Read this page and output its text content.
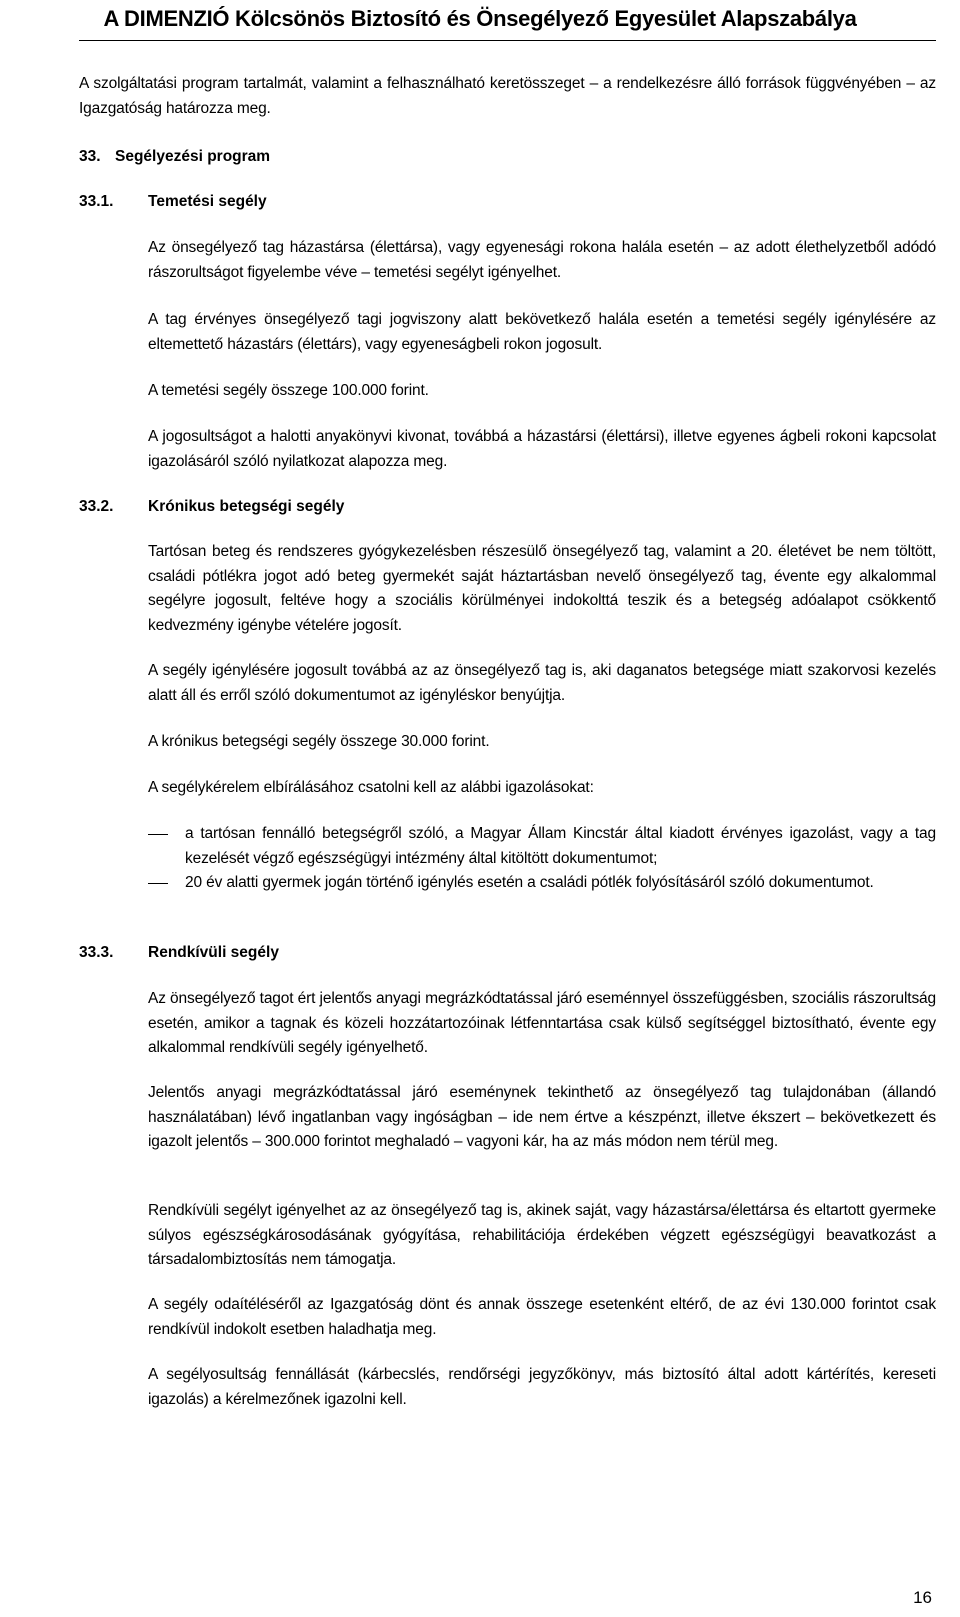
A DIMENZIÓ Kölcsönös Biztosító és Önsegélyező Egyesület Alapszabálya
A szolgáltatási program tartalmát, valamint a felhasználható keretösszeget – a rendelkezésre álló források függvényében – az Igazgatóság határozza meg.
33. Segélyezési program
33.1. Temetési segély
Az önsegélyező tag házastársa (élettársa), vagy egyenesági rokona halála esetén – az adott élethelyzetből adódó rászorultságot figyelembe véve – temetési segélyt igényelhet.
A tag érvényes önsegélyező tagi jogviszony alatt bekövetkező halála esetén a temetési segély igénylésére az eltemettető házastárs (élettárs), vagy egyeneságbeli rokon jogosult.
A temetési segély összege 100.000 forint.
A jogosultságot a halotti anyakönyvi kivonat, továbbá a házastársi (élettársi), illetve egyenes ágbeli rokoni kapcsolat igazolásáról szóló nyilatkozat alapozza meg.
33.2. Krónikus betegségi segély
Tartósan beteg és rendszeres gyógykezelésben részesülő önsegélyező tag, valamint a 20. életévet be nem töltött, családi pótlékra jogot adó beteg gyermekét saját háztartásban nevelő önsegélyező tag, évente egy alkalommal segélyre jogosult, feltéve hogy a szociális körülményei indokolttá teszik és a betegség adóalapot csökkentő kedvezmény igénybe vételére jogosít.
A segély igénylésére jogosult továbbá az az önsegélyező tag is, aki daganatos betegsége miatt szakorvosi kezelés alatt áll és erről szóló dokumentumot az igényléskor benyújtja.
A krónikus betegségi segély összege 30.000 forint.
A segélykérelem elbírálásához csatolni kell az alábbi igazolásokat:
a tartósan fennálló betegségről szóló, a Magyar Állam Kincstár által kiadott érvényes igazolást, vagy a tag kezelését végző egészségügyi intézmény által kitöltött dokumentumot;
20 év alatti gyermek jogán történő igénylés esetén a családi pótlék folyósításáról szóló dokumentumot.
33.3. Rendkívüli segély
Az önsegélyező tagot ért jelentős anyagi megrázkódtatással járó eseménnyel összefüggésben, szociális rászorultság esetén, amikor a tagnak és közeli hozzátartozóinak létfenntartása csak külső segítséggel biztosítható, évente egy alkalommal rendkívüli segély igényelhető.
Jelentős anyagi megrázkódtatással járó eseménynek tekinthető az önsegélyező tag tulajdonában (állandó használatában) lévő ingatlanban vagy ingóságban – ide nem értve a készpénzt, illetve ékszert – bekövetkezett és igazolt jelentős – 300.000 forintot meghaladó – vagyoni kár, ha az más módon nem térül meg.
Rendkívüli segélyt igényelhet az az önsegélyező tag is, akinek saját, vagy házastársa/élettársa és eltartott gyermeke súlyos egészségkárosodásának gyógyítása, rehabilitációja érdekében végzett egészségügyi beavatkozást a társadalombiztosítás nem támogatja.
A segély odaítéléséről az Igazgatóság dönt és annak összege esetenként eltérő, de az évi 130.000 forintot csak rendkívül indokolt esetben haladhatja meg.
A segélyosultság fennállását (kárbecslés, rendőrségi jegyzőkönyv, más biztosító által adott kártérítés, kereseti igazolás) a kérelmezőnek igazolni kell.
16
